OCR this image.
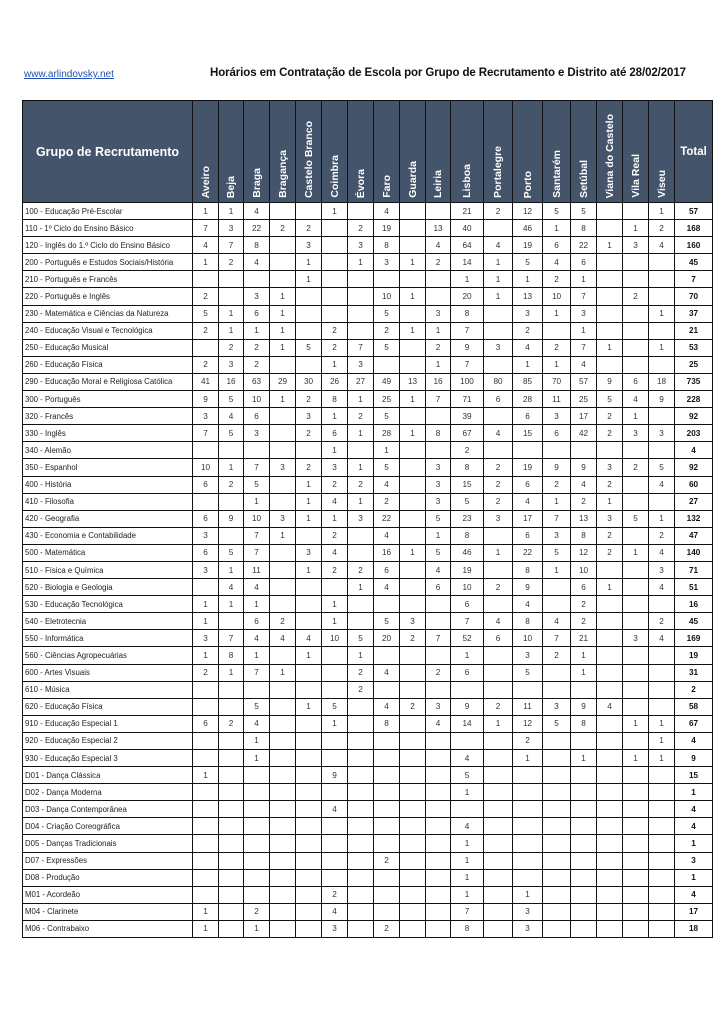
www.arlindovsky.net	Horários em Contratação de Escola por Grupo de Recrutamento e Distrito até 28/02/2017
Grupo de Recrutamento	Aveiro	Beja	Braga	Bragança	Castelo Branco	Coimbra	Évora	Faro	Guarda	Leiria	Lisboa	Portalegre	Porto	Santarém	Setúbal	Viana do Castelo	Vila Real	Viseu	Total
100 - Educação Pré-Escolar	1	1	4			1		4			21	2	12	5	5			1	57
110 - 1º Ciclo do Ensino Básico	7	3	22	2	2		2	19		13	40		46	1	8		1	2	168
120 - Inglês do 1.º Ciclo do Ensino Básico	4	7	8		3		3	8		4	64	4	19	6	22	1	3	4	160
200 - Português e Estudos Sociais/História	1	2	4		1		1	3	1	2	14	1	5	4	6				45
210 - Português e Francês					1						1	1	1	2	1				7
220 - Português e Inglês	2		3	1				10	1		20	1	13	10	7		2		70
230 - Matemática e Ciências da Natureza	5	1	6	1				5		3	8		3	1	3			1	37
240 - Educação Visual e Tecnológica	2	1	1	1		2		2	1	1	7		2		1				21
250 - Educação Musical		2	2	1	5	2	7	5		2	9	3	4	2	7	1		1	53
260 - Educação Física	2	3	2			1	3			1	7		1	1	4				25
290 - Educação Moral e Religiosa Católica	41	16	63	29	30	26	27	49	13	16	100	80	85	70	57	9	6	18	735
300 - Português	9	5	10	1	2	8	1	25	1	7	71	6	28	11	25	5	4	9	228
320 - Francês	3	4	6		3	1	2	5			39		6	3	17	2	1		92
330 - Inglês	7	5	3		2	6	1	28	1	8	67	4	15	6	42	2	3	3	203
340 - Alemão						1		1			2								4
350 - Espanhol	10	1	7	3	2	3	1	5		3	8	2	19	9	9	3	2	5	92
400 - História	6	2	5		1	2	2	4		3	15	2	6	2	4	2		4	60
410 - Filosofia			1		1	4	1	2		3	5	2	4	1	2	1			27
420 - Geografia	6	9	10	3	1	1	3	22		5	23	3	17	7	13	3	5	1	132
430 - Economia e Contabilidade	3		7	1		2		4		1	8		6	3	8	2		2	47
500 - Matemática	6	5	7		3	4		16	1	5	46	1	22	5	12	2	1	4	140
510 - Física e Química	3	1	11		1	2	2	6		4	19		8	1	10			3	71
520 - Biologia e Geologia		4	4				1	4		6	10	2	9		6	1		4	51
530 - Educação Tecnológica	1	1	1			1					6		4		2				16
540 - Eletrotecnia	1		6	2		1		5	3		7	4	8	4	2			2	45
550 - Informática	3	7	4	4	4	10	5	20	2	7	52	6	10	7	21		3	4	169
560 - Ciências Agropecuárias	1	8	1		1		1				1		3	2	1				19
600 - Artes Visuais	2	1	7	1			2	4		2	6		5		1				31
610 - Música							2												2
620 - Educação Física			5		1	5		4	2	3	9	2	11	3	9	4			58
910 - Educação Especial 1	6	2	4			1		8		4	14	1	12	5	8		1	1	67
920 - Educação Especial 2			1										2					1	4
930 - Educação Especial 3			1								4		1		1		1	1	9
D01 - Dança Clássica	1					9					5								15
D02 - Dança Moderna											1								1
D03 - Dança Contemporânea						4													4
D04 - Criação Coreográfica											4								4
D05 - Danças Tradicionais											1								1
D07 - Expressões								2			1								3
D08 - Produção											1								1
M01 - Acordeão						2					1		1						4
M04 - Clarinete	1		2			4					7		3						17
M06 - Contrabaixo	1		1			3		2			8		3						18
